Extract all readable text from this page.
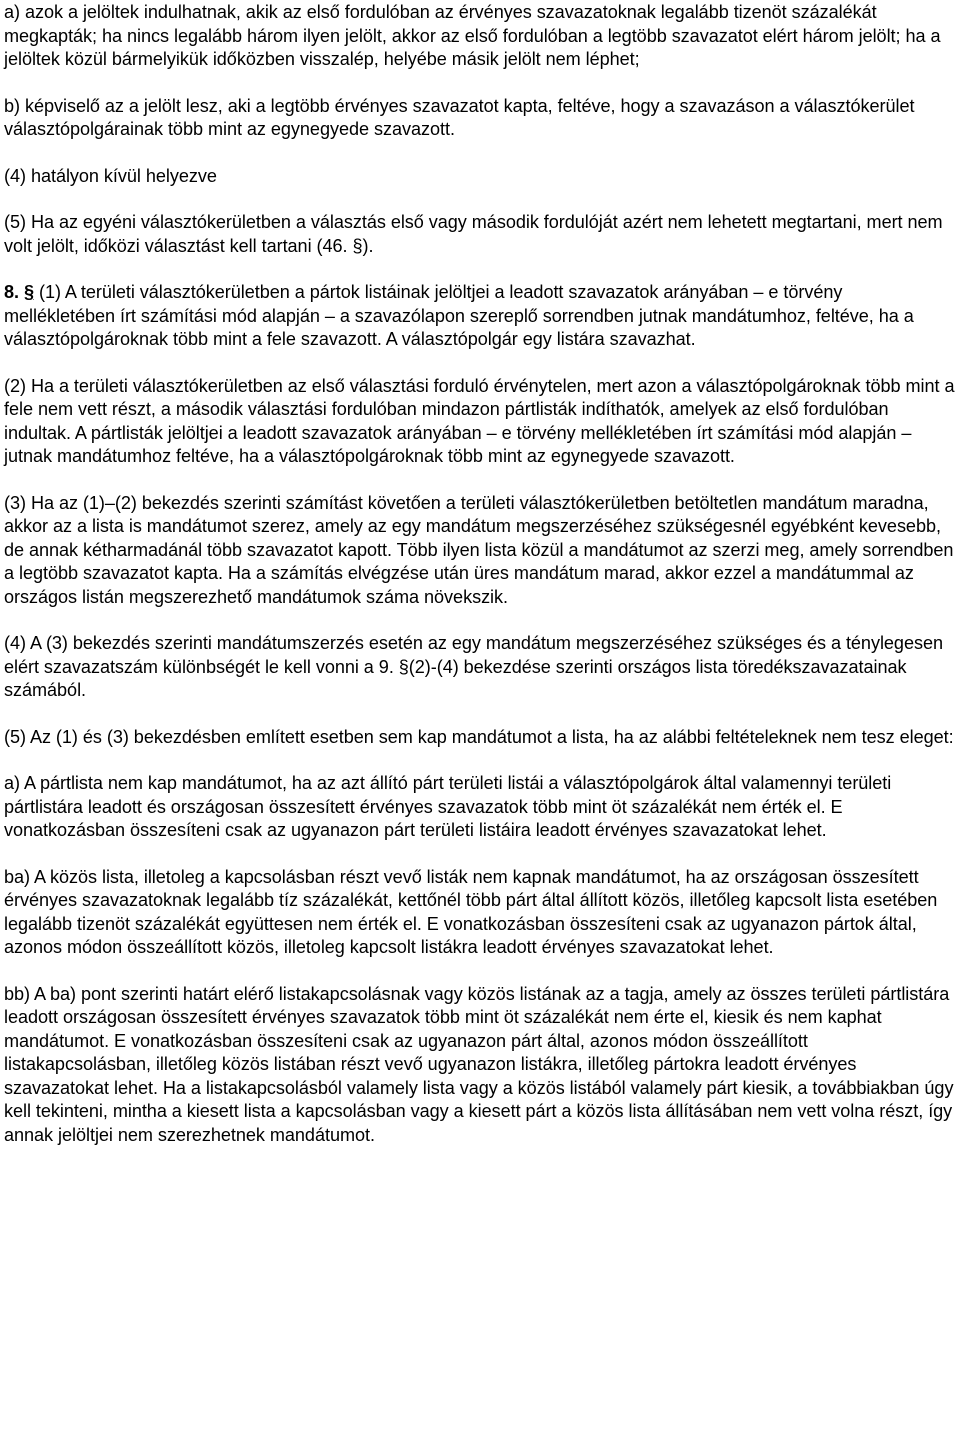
a) azok a jelöltek indulhatnak, akik az első fordulóban az érvényes szavazatoknak legalább tizenöt százalékát megkapták; ha nincs legalább három ilyen jelölt, akkor az első fordulóban a legtöbb szavazatot elért három jelölt; ha a jelöltek közül bármelyikük időközben visszalép, helyébe másik jelölt nem léphet;

b) képviselő az a jelölt lesz, aki a legtöbb érvényes szavazatot kapta, feltéve, hogy a szavazáson a választókerület választópolgárainak több mint az egynegyede szavazott.

(4) hatályon kívül helyezve

(5) Ha az egyéni választókerületben a választás első vagy második fordulóját azért nem lehetett megtartani, mert nem volt jelölt, időközi választást kell tartani (46. §).

8. § (1) A területi választókerületben a pártok listáinak jelöltjei a leadott szavazatok arányában – e törvény mellékletében írt számítási mód alapján – a szavazólapon szereplő sorrendben jutnak mandátumhoz, feltéve, ha a választópolgároknak több mint a fele szavazott. A választópolgár egy listára szavazhat.

(2) Ha a területi választókerületben az első választási forduló érvénytelen, mert azon a választópolgároknak több mint a fele nem vett részt, a második választási fordulóban mindazon pártlisták indíthatók, amelyek az első fordulóban indultak. A pártlisták jelöltjei a leadott szavazatok arányában – e törvény mellékletében írt számítási mód alapján – jutnak mandátumhoz feltéve, ha a választópolgároknak több mint az egynegyede szavazott.

(3) Ha az (1)–(2) bekezdés szerinti számítást követően a területi választókerületben betöltetlen mandátum maradna, akkor az a lista is mandátumot szerez, amely az egy mandátum megszerzéséhez szükségesnél egyébként kevesebb, de annak kétharmadánál több szavazatot kapott. Több ilyen lista közül a mandátumot az szerzi meg, amely sorrendben a legtöbb szavazatot kapta. Ha a számítás elvégzése után üres mandátum marad, akkor ezzel a mandátummal az országos listán megszerezhető mandátumok száma növekszik.

(4) A (3) bekezdés szerinti mandátumszerzés esetén az egy mandátum megszerzéséhez szükséges és a ténylegesen elért szavazatszám különbségét le kell vonni a 9. §(2)-(4) bekezdése szerinti országos lista töredékszavazatainak számából.

(5) Az (1) és (3) bekezdésben említett esetben sem kap mandátumot a lista, ha az alábbi feltételeknek nem tesz eleget:

a) A pártlista nem kap mandátumot, ha az azt állító párt területi listái a választópolgárok által valamennyi területi pártlistára leadott és országosan összesített érvényes szavazatok több mint öt százalékát nem érték el. E vonatkozásban összesíteni csak az ugyanazon párt területi listáira leadott érvényes szavazatokat lehet.

ba) A közös lista, illetoleg a kapcsolásban részt vevő listák nem kapnak mandátumot, ha az országosan összesített érvényes szavazatoknak legalább tíz százalékát, kettőnél több párt által állított közös, illetőleg kapcsolt lista esetében legalább tizenöt százalékát együttesen nem érték el. E vonatkozásban összesíteni csak az ugyanazon pártok által, azonos módon összeállított közös, illetoleg kapcsolt listákra leadott érvényes szavazatokat lehet.

bb) A ba) pont szerinti határt elérő listakapcsolásnak vagy közös listának az a tagja, amely az összes területi pártlistára leadott országosan összesített érvényes szavazatok több mint öt százalékát nem érte el, kiesik és nem kaphat mandátumot. E vonatkozásban összesíteni csak az ugyanazon párt által, azonos módon összeállított listakapcsolásban, illetőleg közös listában részt vevő ugyanazon listákra, illetőleg pártokra leadott érvényes szavazatokat lehet. Ha a listakapcsolásból valamely lista vagy a közös listából valamely párt kiesik, a továbbiakban úgy kell tekinteni, mintha a kiesett lista a kapcsolásban vagy a kiesett párt a közös lista állításában nem vett volna részt, így annak jelöltjei nem szerezhetnek mandátumot.
